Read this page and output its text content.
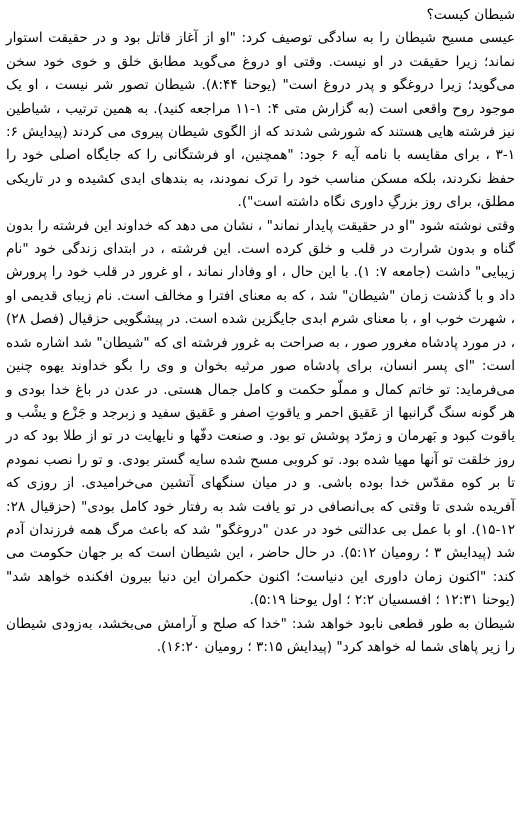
شیطان کیست؟

عیسی مسیح شیطان را به سادگی توصیف کرد: "او از آغاز قاتل بود و در حقیقت استوار نماند؛ زیرا حقیقت در او نیست. وقتی او دروغ می‌گوید مطابق خلق و خوی خود سخن می‌گوید؛ زیرا دروغگو و پدر دروغ است" (یوحنا ۸:۴۴). شیطان تصور شر نیست ، او یک موجود روح واقعی است (به گزارش متی ۴: ۱-۱۱ مراجعه کنید). به همین ترتیب ، شیاطین نیز فرشته هایی هستند که شورشی شدند که از الگوی شیطان پیروی می کردند (پیدایش ۶: ۱-۳ ، برای مقایسه با نامه آیه ۶ جود: "همچنین، او فرشتگانی را که جایگاه اصلی خود را حفظ نکردند، بلکه مسکن مناسب خود را ترک نمودند، به بندهای ابدی کشیده و در تاریکی مطلق، برای روز بزرگِ داوری نگاه داشته است").

وقتی نوشته شود "او در حقیقت پایدار نماند" ، نشان می دهد که خداوند این فرشته را بدون گناه و بدون شرارت در قلب و خلق کرده است. این فرشته ، در ابتدای زندگی خود "نام زیبایی" داشت (جامعه ۷: ۱). با این حال ، او وفادار نماند ، او غرور در قلب خود را پرورش داد و با گذشت زمان "شیطان" شد ، که به معنای افترا و مخالف است. نام زیبای قدیمی او ، شهرت خوب او ، با معنای شرم ابدی جایگزین شده است. در پیشگویی حزقیال (فصل ۲۸) ، در مورد پادشاه مغرور صور ، به صراحت به غرور فرشته ای که "شیطان" شد اشاره شده است: "ای پسر انسان، برای پادشاه صور مرثیه بخوان و وی را بگو خداوند یهوه چنین می‌فرماید: تو خاتم کمال و مملّو حکمت و کامل جمال هستی. در عدن در باغ خدا بودی و هر گونه سنگ گرانبها از عَقیق احمر و یاقوتِ اصفر و عَقیق سفید و زبرجد و جَزْع و یشْب و یاقوت کبود و بَهرمان و زمرّد پوشش تو بود. و صنعت دفّها و نایهایت در تو از طلا بود که در روز خلقت تو آنها مهیا شده بود. تو کروبی مسح شده سایه گستر بودی. و تو را نصب نمودم تا بر کوه مقدّس خدا بوده باشی. و در میان سنگهای آتشین می‌خرامیدی. از روزی که آفریده شدی تا وقتی که بی‌انصافی در تو یافت شد به رفتار خود کامل بودی" (حزقیال ۲۸: ۱۲-۱۵). او با عمل بی عدالتی خود در عدن "دروغگو" شد که باعث مرگ همه فرزندان آدم شد (پیدایش ۳ ؛ رومیان ۵:۱۲). در حال حاضر ، این شیطان است که بر جهان حکومت می کند: "اکنون زمان داوری این دنیاست؛ اکنون حکمران این دنیا بیرون افکنده خواهد شد" (یوحنا ۱۲:۳۱ ؛ افسسیان ۲:۲ ؛ اول یوحنا ۵:۱۹).

شیطان به طور قطعی نابود خواهد شد: "خدا که صلح و آرامش می‌بخشد، به‌زودی شیطان را زیر پاهای شما له خواهد کرد" (پیدایش ۳:۱۵ ؛ رومیان ۱۶:۲۰).
